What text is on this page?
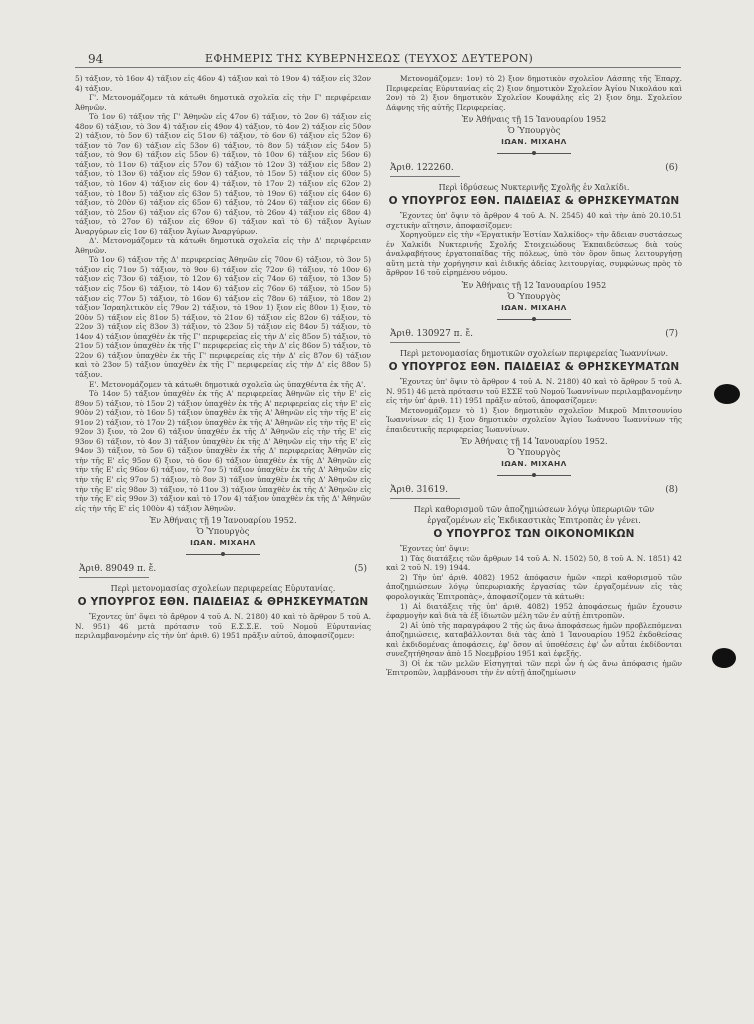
94	ΕΦΗΜΕΡΙΣ ΤΗΣ ΚΥΒΕΡΝΗΣΕΩΣ (ΤΕΥΧΟΣ ΔΕΥΤΕΡΟΝ)

5) τάξιον, τὸ 16ον 4) τάξιον εἰς 46ον 4) τάξιον καὶ τὸ 19ον 4) τάξιον εἰς 32ον 4) τάξιον.

Γ'. Μετονομάζομεν τὰ κάτωθι δημοτικὰ σχολεῖα εἰς τὴν Γ' περιφέρειαν Ἀθηνῶν.

Τὸ 1ον 6) τάξιον τῆς Γ' Ἀθηνῶν εἰς 47ον 6) τάξιον, τὸ 2ον 6) τάξιον εἰς 48ον 6) τάξιον, τὸ 3ον 4) τάξιον εἰς 49ον 4) τάξιον, τὸ 4ον 2) τάξιον εἰς 50ον 2) τάξιον, τὸ 5ον 6) τάξιον εἰς 51ον 6) τάξιον, τὸ 6ον 6) τάξιον εἰς 52ον 6) τάξιον τὸ 7ον 6) τάξιον εἰς 53ον 6) τάξιον, τὸ 8ον 5) τάξιον εἰς 54ον 5) τάξιον, τὸ 9ον 6) τάξιον εἰς 55ον 6) τάξιον, τὸ 10ον 6) τάξιον εἰς 56ον 6) τάξιον, τὸ 11ον 6) τάξιον εἰς 57ον 6) τάξιον τὸ 12ον 3) τάξιον εἰς 58ον 2) τάξιον, τὸ 13ον 6) τάξιον εἰς 59ον 6) τάξιον, τὸ 15ον 5) τάξιον εἰς 60ον 5) τάξιον, τὸ 16ον 4) τάξιον εἰς 6ον 4) τάξιον, τὸ 17ον 2) τάξιον εἰς 62ον 2) τάξιον, τὸ 18ον 5) τάξιον εἰς 63ον 5) τάξιον, τὸ 19ον 6) τάξιον εἰς 64ον 6) τάξιον, τὸ 20ὸν 6) τάξιον εἰς 65ον 6) τάξιον, τὸ 24ον 6) τάξιον εἰς 66ον 6) τάξιον, τὸ 25ον 6) τάξιον εἰς 67ον 6) τάξιον, τὸ 26ον 4) τάξιον εἰς 68ον 4) τάξιον, τὸ 27ον 6) τάξιον εἰς 69ον 6) τάξιον καὶ τὸ 6) τάξιον Ἁγίων Ἀναργύρων εἰς 1ον 6) τάξιον Ἁγίων Ἀναργύρων.

Δ'. Μετονομάζομεν τὰ κάτωθι δημοτικὰ σχολεῖα εἰς τὴν Δ' περιφέρειαν Ἀθηνῶν.

Τὸ 1ον 6) τάξιον τῆς Δ' περιφερείας Ἀθηνῶν εἰς 70ον 6) τάξιον, τὸ 3ον 5) τάξιον εἰς 71ον 5) τάξιον, τὸ 9ον 6) τάξιον εἰς 72ον 6) τάξιον, τὸ 10ον 6) τάξιον εἰς 73ον 6) τάξιον, τὸ 12ον 6) τάξιον εἰς 74ον 6) τάξιον, τὸ 13ον 5) τάξιον εἰς 75ον 6) τάξιον, τὸ 14ον 6) τάξιον εἰς 76ον 6) τάξιον, τὸ 15ον 5) τάξιον εἰς 77ον 5) τάξιον, τὸ 16ον 6) τάξιον εἰς 78ον 6) τάξιον, τὸ 18ον 2) τάξιον Ἰσραηλιτικὸν εἰς 79ον 2) τάξιον, τὸ 19ον 1) ξιον εἰς 80ον 1) ξιον, τὸ 20ὸν 5) τάξιον εἰς 81ον 5) τάξιον, τὸ 21ον 6) τάξιον εἰς 82ον 6) τάξιον, τὸ 22ον 3) τάξιον εἰς 83ον 3) τάξιον, τὸ 23ον 5) τάξιον εἰς 84ον 5) τάξιον, τὸ 14ον 4) τάξιον ὑπαχθὲν ἐκ τῆς Γ' περιφερείας εἰς τὴν Δ' εἰς 85ον 5) τάξιον, τὸ 21ον 5) τάξιον ὑπαχθὲν ἐκ τῆς Γ' περιφερείας εἰς τὴν Δ' εἰς 86ον 5) τάξιον, τὸ 22ον 6) τάξιον ὑπαχθὲν ἐκ τῆς Γ' περιφερείας εἰς τὴν Δ' εἰς 87ον 6) τάξιον καὶ τὸ 23ον 5) τάξιον ὑπαχθὲν ἐκ τῆς Γ' περιφερείας εἰς τὴν Δ' εἰς 88ον 5) τάξιον.

Ε'. Μετονομάζομεν τὰ κάτωθι δημοτικὰ σχολεῖα ὡς ὑπαχθέντα ἐκ τῆς Α'.

Τὸ 14ον 5) τάξιον ὑπαχθὲν ἐκ τῆς Α' περιφερείας Ἀθηνῶν εἰς τὴν Ε' εἰς 89ον 5) τάξιον, τὸ 15ον 2) τάξιον ὑπαχθὲν ἐκ τῆς Α' περιφερείας εἰς τὴν Ε' εἰς 90ὸν 2) τάξιον, τὸ 16ον 5) τάξιον ὑπαχθὲν ἐκ τῆς Α' Ἀθηνῶν εἰς τὴν τῆς Ε' εἰς 91ον 2) τάξιον, τὸ 17ον 2) τάξιον ὑπαχθὲν ἐκ τῆς Α' Ἀθηνῶν εἰς τὴν τῆς Ε' εἰς 92ον 3) ξιον, τὸ 2ον 6) τάξιον ὑπαχθὲν ἐκ τῆς Δ' Ἀθηνῶν εἰς τὴν τῆς Ε' εἰς 93ον 6) τάξιον, τὸ 4ον 3) τάξιον ὑπαχθὲν ἐκ τῆς Δ' Ἀθηνῶν εἰς τὴν τῆς Ε' εἰς 94ον 3) τάξιον, τὸ 5ον 6) τάξιον ὑπαχθὲν ἐκ τῆς Δ' περιφερείας Ἀθηνῶν εἰς τὴν τῆς Ε' εἰς 95ον 6) ξιον, τὸ 6ον 6) τάξιον ὑπαχθὲν ἐκ τῆς Δ' Ἀθηνῶν εἰς τὴν τῆς Ε' εἰς 96ον 6) τάξιον, τὸ 7ον 5) τάξιον ὑπαχθὲν ἐκ τῆς Δ' Ἀθηνῶν εἰς τὴν τῆς Ε' εἰς 97ον 5) τάξιον, τὸ 8ον 3) τάξιον ὑπαχθὲν ἐκ τῆς Δ' Ἀθηνῶν εἰς τὴν τῆς Ε' εἰς 98ον 3) τάξιον, τὸ 11ον 3) τάξιον ὑπαχθὲν ἐκ τῆς Δ' Ἀθηνῶν εἰς τὴν τῆς Ε' εἰς 99ον 3) τάξιον καὶ τὸ 17ον 4) τάξιον ὑπαχθὲν ἐκ τῆς Δ' Ἀθηνῶν εἰς τὴν τῆς Ε' εἰς 100ὸν 4) τάξιον Ἀθηνῶν.

Ἐν Ἀθήναις τῇ 19 Ἰανουαρίου 1952.

Ὁ Ὑπουργὸς

ΙΩΑΝ. ΜΙΧΑΗΛ

Ἀριθ. 89049 π. ἔ.	(5)

Περὶ μετονομασίας σχολείων περιφερείας Εὐρυτανίας.

Ο ΥΠΟΥΡΓΟΣ ΕΘΝ. ΠΑΙΔΕΙΑΣ & ΘΡΗΣΚΕΥΜΑΤΩΝ

Ἔχοντες ὑπ' ὄψει τὸ ἄρθρον 4 τοῦ Α. Ν. 2180) 40 καὶ τὸ ἄρθρον 5 τοῦ Α. Ν. 951) 46 μετὰ πρότασιν τοῦ Ε.Σ.Σ.Ε. τοῦ Νομοῦ Εὐρυτανίας περιλαμβανομένην εἰς τὴν ὑπ' ἀριθ. 6) 1951 πρᾶξιν αὐτοῦ, ἀποφασίζομεν:

Μετονομάζομεν: 1ον) τὸ 2) ξιον δημοτικὸν σχολεῖον Λάσπης τῆς Ἐπαρχ. Περιφερείας Εὐρυτανίας εἰς 2) ξιον δημοτικὸν Σχολεῖον Ἁγίου Νικολάου καὶ 2ον) τὸ 2) ξιον δημοτικὸν Σχολεῖον Κουφάλης εἰς 2) ξιον δημ. Σχολεῖον Δάφνης τῆς αὐτῆς Περιφερείας.

Ἐν Ἀθήναις τῇ 15 Ἰανουαρίου 1952

Ὁ Ὑπουργὸς

ΙΩΑΝ. ΜΙΧΑΗΛ

Ἀριθ. 122260.	(6)

Περὶ ἱδρύσεως Νυκτερινῆς Σχολῆς ἐν Χαλκίδι.

Ο ΥΠΟΥΡΓΟΣ ΕΘΝ. ΠΑΙΔΕΙΑΣ & ΘΡΗΣΚΕΥΜΑΤΩΝ

Ἔχοντες ὑπ' ὄψιν τὸ ἄρθρον 4 τοῦ Α. Ν. 2545) 40 καὶ τὴν ἀπὸ 20.10.51 σχετικὴν αἴτησιν, ἀποφασίζομεν:

Χορηγοῦμεν εἰς τὴν «Ἐργατικὴν Ἑστίαν Χαλκίδος» τὴν ἄδειαν συστάσεως ἐν Χαλκίδι Νυκτερινῆς Σχολῆς Στοιχειώδους Ἐκπαιδεύσεως διὰ τοὺς ἀναλφαβήτους ἐργατοπαῖδας τῆς πόλεως, ὑπὸ τὸν ὅρον ὅπως λειτουργήσῃ αὕτη μετὰ τὴν χορήγησιν καὶ ἐιδικῆς ἀδείας λειτουργίας, συμφώνως πρὸς τὸ ἄρθρον 16 τοῦ εἰρημένου νόμου.

Ἐν Ἀθήναις τῇ 12 Ἰανουαρίου 1952

Ὁ Ὑπουργὸς

ΙΩΑΝ. ΜΙΧΑΗΛ

Ἀριθ. 130927 π. ἔ.	(7)

Περὶ μετονομασίας δημοτικῶν σχολείων περιφερείας Ἰωαννίνων.

Ο ΥΠΟΥΡΓΟΣ ΕΘΝ. ΠΑΙΔΕΙΑΣ & ΘΡΗΣΚΕΥΜΑΤΩΝ

Ἔχοντες ὑπ' ὄψιν τὸ ἄρθρον 4 τοῦ Α. Ν. 2180) 40 καὶ τὸ ἄρθρον 5 τοῦ Α. Ν. 951) 46 μετὰ πρότασιν τοῦ ΕΣΣΕ τοῦ Νομοῦ Ἰωαννίνων περιλαμβανομένην εἰς τὴν ὑπ' ἀριθ. 11) 1951 πρᾶξιν αὐτοῦ, ἀποφασίζομεν:

Μετονομάζομεν τὸ 1) ξιον δημοτικὸν σχολεῖον Μικροῦ Μπιτσουνίου Ἰωαννίνων εἰς 1) ξιον δημοτικὸν σχολεῖον Ἁγίου Ἰωάννου Ἰωαννίνων τῆς ἐπαιδευτικῆς περιφερείας Ἰωαννίνων.

Ἐν Ἀθήναις τῇ 14 Ἰανουαρίου 1952.

Ὁ Ὑπουργὸς

ΙΩΑΝ. ΜΙΧΑΗΛ

Ἀριθ. 31619.	(8)

Περὶ καθορισμοῦ τῶν ἀποζημιώσεων λόγῳ ὑπερωριῶν τῶν ἐργαζομένων εἰς Ἐκδικαστικὰς Ἐπιτροπὰς ἐν γένει.

Ο ΥΠΟΥΡΓΟΣ ΤΩΝ ΟΙΚΟΝΟΜΙΚΩΝ

Ἔχοντες ὑπ' ὄψιν:

1) Τὰς διατάξεις τῶν ἄρθρων 14 τοῦ Α. Ν. 1502) 50, 8 τοῦ Α. Ν. 1851) 42 καὶ 2 τοῦ Ν. 19) 1944.

2) Τὴν ὑπ' ἀριθ. 4082) 1952 ἀπόφασιν ἡμῶν «περὶ καθορισμοῦ τῶν ἀποζημιώσεων λόγῳ ὑπερωριακῆς ἐργασίας τῶν ἐργαζομένων εἰς τὰς φορολογικὰς Ἐπιτροπὰς», ἀποφασίζομεν τὰ κάτωθι:

1) Αἱ διατάξεις τῆς ὑπ' ἀριθ. 4082) 1952 ἀποφάσεως ἡμῶν ἔχουσιν ἐφαρμογὴν καὶ διὰ τὰ ἐξ ἰδιωτῶν μέλη τῶν ἐν αὐτῇ ἐπιτροπῶν.

2) Αἱ ὑπὸ τῆς παραγράφου 2 τῆς ὡς ἄνω ἀποφάσεως ἡμῶν προβλεπόμεναι ἀποζημιώσεις, καταβάλλονται διὰ τὰς ἀπὸ 1 Ἰανουαρίου 1952 ἐκδοθείσας καὶ ἐκδιδομένας ἀποφάσεις, ἐφ' ὅσον αἱ ὑποθέσεις ἐφ' ὧν αὗται ἐκδίδονται συνεζητήθησαν ἀπὸ 15 Νοεμβρίου 1951 καὶ ἐφεξῆς.

3) Οἱ ἐκ τῶν μελῶν Εἰσηγηταὶ τῶν περὶ ὧν ἡ ὡς ἄνω ἀπόφασις ἡμῶν Ἐπιτροπῶν, λαμβάνουσι τὴν ἐν αὐτῇ ἀποζημίωσιν
